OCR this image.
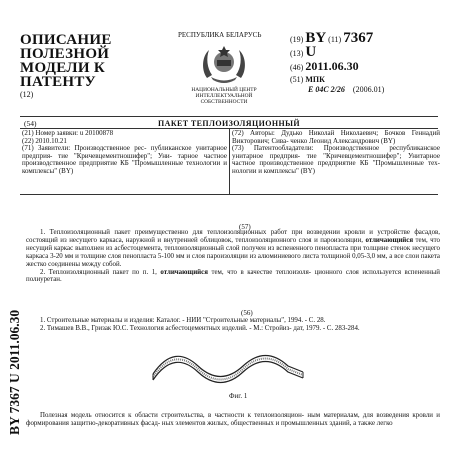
ОПИСАНИЕ
ПОЛЕЗНОЙ
МОДЕЛИ К
ПАТЕНТУ
(12)
РЕСПУБЛИКА БЕЛАРУСЬ
НАЦИОНАЛЬНЫЙ ЦЕНТР
ИНТЕЛЛЕКТУАЛЬНОЙ
СОБСТВЕННОСТИ
(19) BY (11) 7367
(13) U
(46) 2011.06.30
(51) МПК
E 04C 2/26 (2006.01)
(54)	ПАКЕТ ТЕПЛОИЗОЛЯЦИОННЫЙ
(21) Номер заявки: u 20100878
(22) 2010.10.21
(71) Заявители: Производственное рес- публиканское унитарное предприя- тие "Кричевцементношифер"; Уни- тарное частное производственное предприятие КБ "Промышленные технологии и комплексы" (BY)
(72) Авторы: Дудько Николай Николаевич; Бочков Геннадий Викторович; Сива- ченко Леонид Александрович (BY)
(73) Патентообладатели: Производственное республиканское унитарное предприя- тие "Кричевцементношифер"; Унитарное частное производственное предприятие КБ "Промышленные тех- нологии и комплексы" (BY)
(57)
1. Теплоизоляционный пакет преимущественно для теплоизоляционных работ при возведении кровли и устройстве фасадов, состоящий из несущего каркаса, наружной и внутренней облицовок, теплоизоляционного слоя и пароизоляции, отличающийся тем, что несущий каркас выполнен из асбестоцемента, теплоизоляционный слой получен из вспененного пенопласта при толщине стенок несущего каркаса 3-20 мм и толщине слоя пенопласта 5-100 мм и слоя пароизоляции из алюминиевого листа толщиной 0,05-3,0 мм, а все слои пакета жестко соединены между собой.
2. Теплоизоляционный пакет по п. 1, отличающийся тем, что в качестве теплоизоля- ционного слоя используется вспененный полиуретан.
(56)
1. Строительные материалы и изделия: Каталог. - НИИ "Строительные материалы", 1994. - С. 28.
2. Тимашев В.В., Гризак Ю.С. Технология асбестоцементных изделий. - М.: Стройиз- дат, 1979. - С. 283-284.
Фиг. 1
Полезная модель относится к области строительства, в частности к теплоизоляцион- ным материалам, для возведения кровли и формирования защитно-декоративных фасад- ных элементов жилых, общественных и промышленных зданий, а также легко
BY 7367 U 2011.06.30
